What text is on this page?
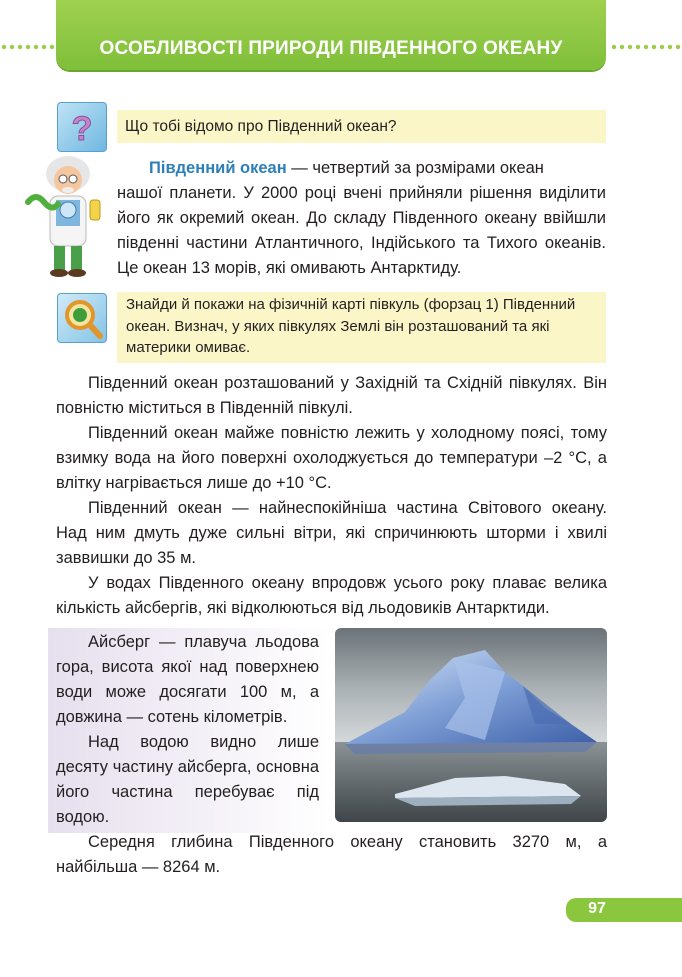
ОСОБЛИВОСТІ ПРИРОДИ ПІВДЕННОГО ОКЕАНУ
?	Що тобі відомо про Південний океан?

Південний океан — четвертий за розмірами океан

нашої планети. У 2000 році вчені прийняли рішення виділити його як окремий океан. До складу Південного океану ввійшли південні частини Атлантичного, Індійського та Тихого океанів. Це океан 13 морів, які омивають Антарктиду.
Знайди й покажи на фізичній карті півкуль (форзац 1) Південний океан. Визнач, у яких півкулях Землі він розташований та які материки омиває.

Південний океан розташований у Західній та Східній півкулях. Він повністю міститься в Південній півкулі.

Південний океан майже повністю лежить у холодному поясі, тому взимку вода на його поверхні охолоджується до температури –2 °С, а влітку нагрівається лише до +10 °С.

Південний океан — найнеспокійніша частина Світового океану. Над ним дмуть дуже сильні вітри, які спричинюють шторми і хвилі заввишки до 35 м.

У водах Південного океану впродовж усього року плаває велика кількість айсбергів, які відколюються від льодовиків Антарктиди.

Айсберг — плавуча льодова гора, висота якої над поверхнею води може досягати 100 м, а довжина — сотень кілометрів.

Над водою видно лише десяту частину айсберга, основна його частина перебуває під водою.

Середня глибина Південного океану становить 3270 м, а найбільша — 8264 м.

97
